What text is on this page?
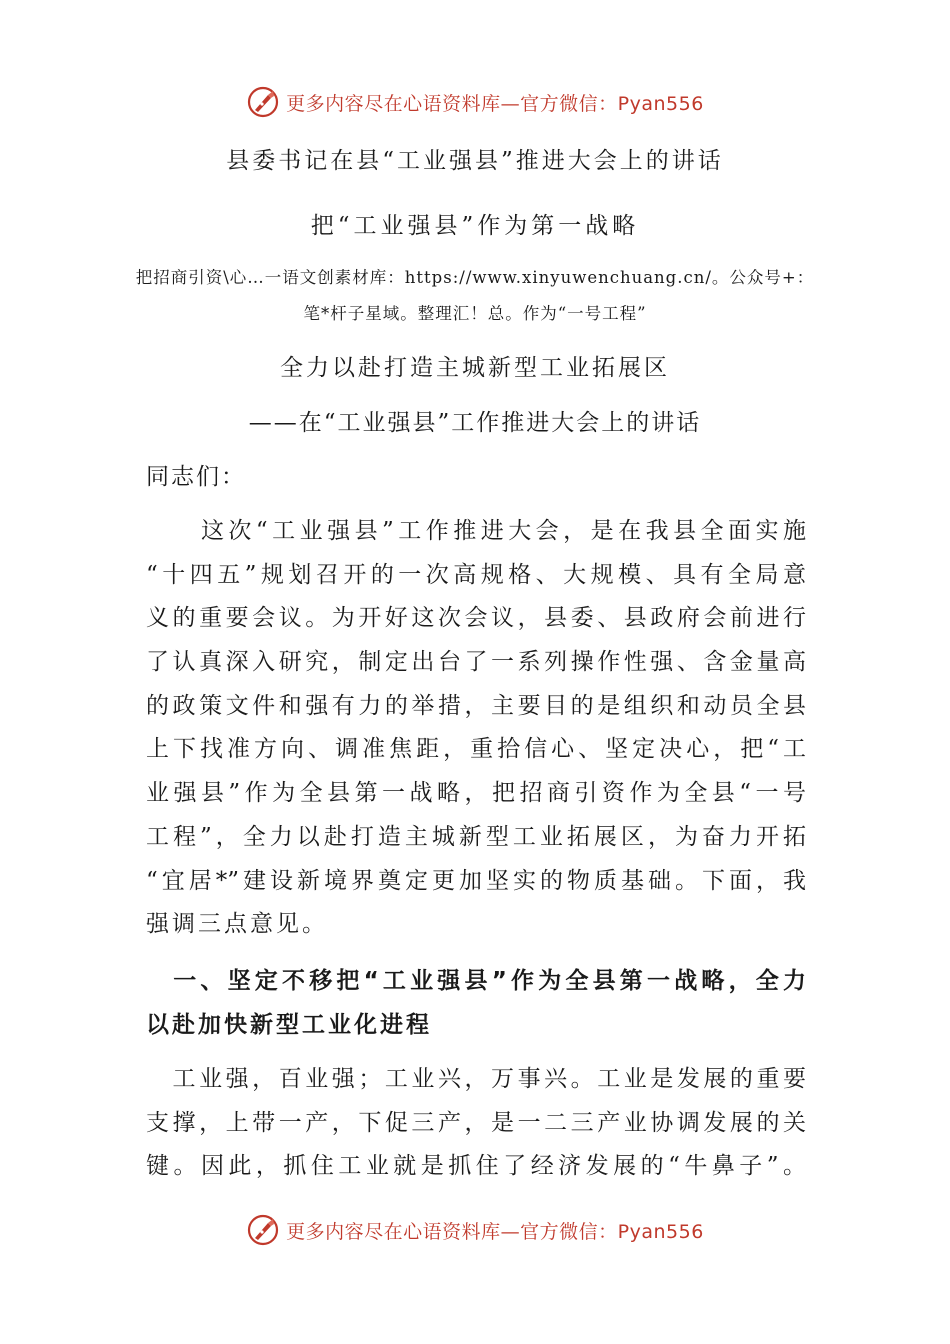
更多内容尽在心语资料库—官方微信：Pyan556
县委书记在县“工业强县”推进大会上的讲话
把“工业强县”作为第一战略
把招商引资\心…一语文创素材库：https://www.xinyuwenchuang.cn/。公众号+：
笔*杆子星域。整理汇！总。作为“一号工程”
全力以赴打造主城新型工业拓展区
——在“工业强县”工作推进大会上的讲话
同志们：
　　这次“工业强县”工作推进大会，是在我县全面实施
“十四五”规划召开的一次高规格、大规模、具有全局意
义的重要会议。为开好这次会议，县委、县政府会前进行
了认真深入研究，制定出台了一系列操作性强、含金量高
的政策文件和强有力的举措，主要目的是组织和动员全县
上下找准方向、调准焦距，重拾信心、坚定决心，把“工
业强县”作为全县第一战略，把招商引资作为全县“一号
工程”，全力以赴打造主城新型工业拓展区，为奋力开拓
“宜居*”建设新境界奠定更加坚实的物质基础。下面，我
强调三点意见。
　一、坚定不移把“工业强县”作为全县第一战略，全力
以赴加快新型工业化进程
　工业强，百业强；工业兴，万事兴。工业是发展的重要
支撑，上带一产，下促三产，是一二三产业协调发展的关
键。因此，抓住工业就是抓住了经济发展的“牛鼻子”。
更多内容尽在心语资料库—官方微信：Pyan556
